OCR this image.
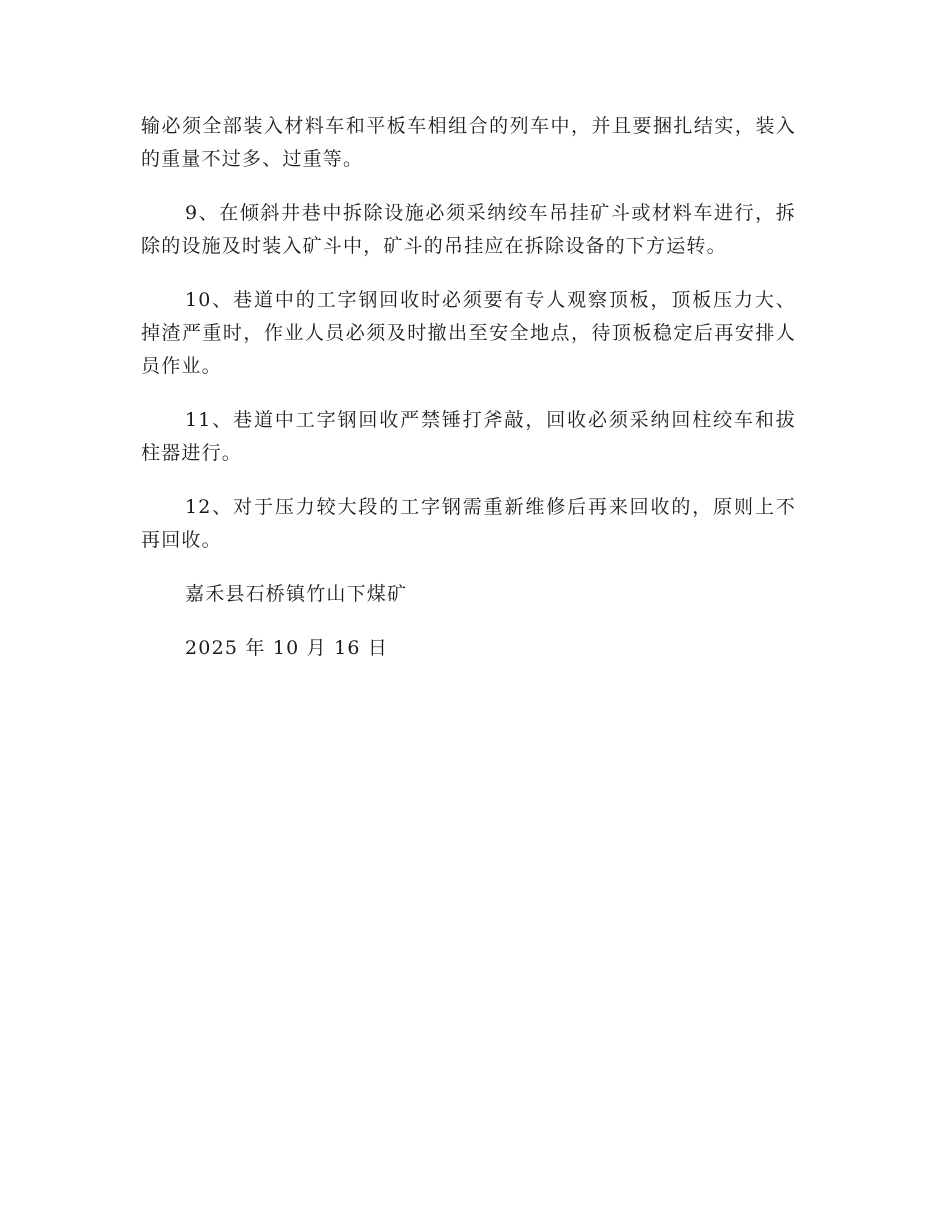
输必须全部装入材料车和平板车相组合的列车中，并且要捆扎结实，装入的重量不过多、过重等。

9、在倾斜井巷中拆除设施必须采纳绞车吊挂矿斗或材料车进行，拆除的设施及时装入矿斗中，矿斗的吊挂应在拆除设备的下方运转。

10、巷道中的工字钢回收时必须要有专人观察顶板，顶板压力大、掉渣严重时，作业人员必须及时撤出至安全地点，待顶板稳定后再安排人员作业。

11、巷道中工字钢回收严禁锤打斧敲，回收必须采纳回柱绞车和拔柱器进行。

12、对于压力较大段的工字钢需重新维修后再来回收的，原则上不再回收。

嘉禾县石桥镇竹山下煤矿

2025 年 10 月 16 日
